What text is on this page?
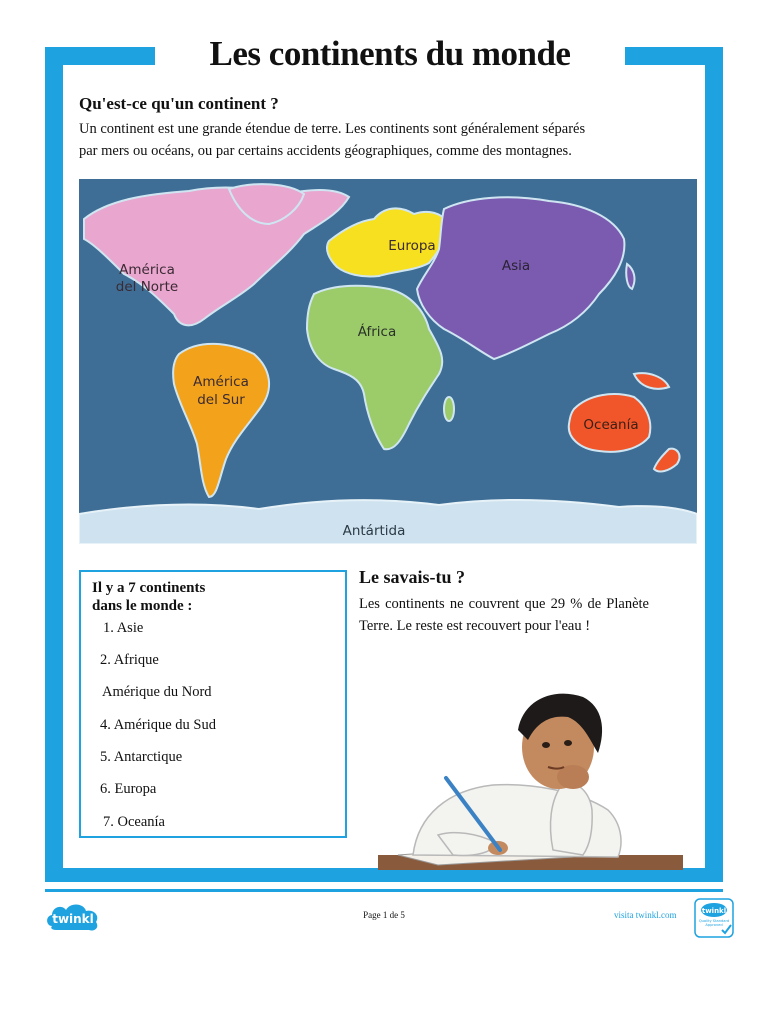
Les continents du monde
Qu'est-ce qu'un continent ?
Un continent est une grande étendue de terre. Les continents sont généralement séparés
par mers ou océans, ou par certains accidents géographiques, comme des montagnes.
América
del Norte
América
del Sur
Europa
Asia
África
Oceanía
Antártida
Il y a 7 continents
dans le monde :
1. Asie
2. Afrique
Amérique du Nord
4. Amérique du Sud
5. Antarctique
6. Europa
7. Oceanía
Le savais-tu ?
Les continents ne couvrent que 29 % de Planète Terre. Le reste est recouvert pour l'eau !
twinkl	Page 1 de 5	visita twinkl.com	twinkl
Quality Standard Approved
